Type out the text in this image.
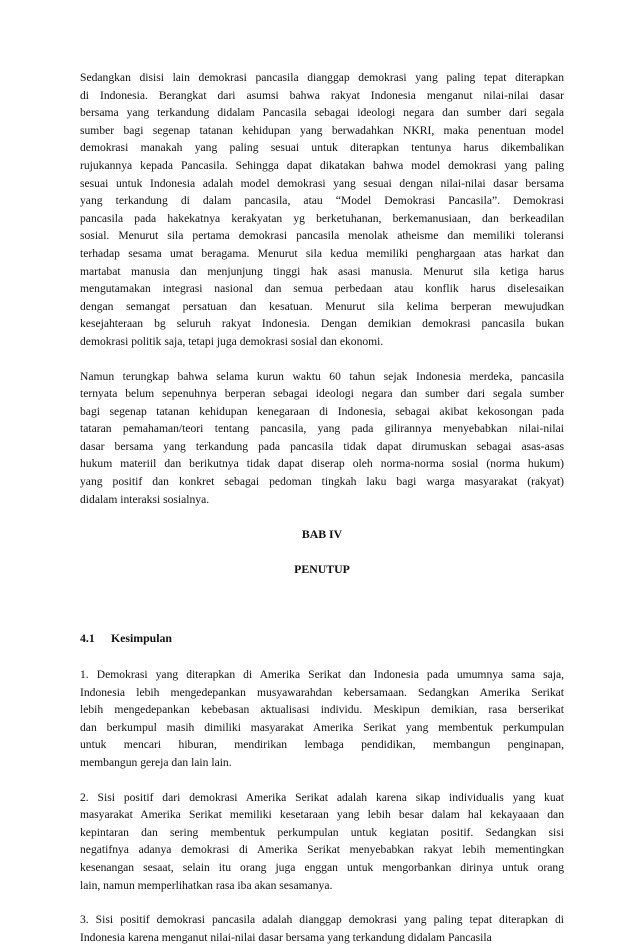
Sedangkan disisi lain demokrasi pancasila dianggap demokrasi yang paling tepat diterapkan
di Indonesia. Berangkat dari asumsi bahwa rakyat Indonesia menganut nilai-nilai dasar
bersama yang terkandung didalam Pancasila sebagai ideologi negara dan sumber dari segala
sumber bagi segenap tatanan kehidupan yang berwadahkan NKRI, maka penentuan model
demokrasi manakah yang paling sesuai untuk diterapkan tentunya harus dikembalikan
rujukannya kepada Pancasila. Sehingga dapat dikatakan bahwa model demokrasi yang paling
sesuai untuk Indonesia adalah model demokrasi yang sesuai dengan nilai-nilai dasar bersama
yang terkandung di dalam pancasila, atau “Model Demokrasi Pancasila”. Demokrasi
pancasila pada hakekatnya kerakyatan yg berketuhanan, berkemanusiaan, dan berkeadilan
sosial. Menurut sila pertama demokrasi pancasila menolak atheisme dan memiliki toleransi
terhadap sesama umat beragama. Menurut sila kedua memiliki penghargaan atas harkat dan
martabat manusia dan menjunjung tinggi hak asasi manusia. Menurut sila ketiga harus
mengutamakan integrasi nasional dan semua perbedaan atau konflik harus diselesaikan
dengan semangat persatuan dan kesatuan. Menurut sila kelima berperan mewujudkan
kesejahteraan bg seluruh rakyat Indonesia. Dengan demikian demokrasi pancasila bukan
demokrasi politik saja, tetapi juga demokrasi sosial dan ekonomi.
Namun terungkap bahwa selama kurun waktu 60 tahun sejak Indonesia merdeka, pancasila
ternyata belum sepenuhnya berperan sebagai ideologi negara dan sumber dari segala sumber
bagi segenap tatanan kehidupan kenegaraan di Indonesia, sebagai akibat kekosongan pada
tataran pemahaman/teori tentang pancasila, yang pada gilirannya menyebabkan nilai-nilai
dasar bersama yang terkandung pada pancasila tidak dapat dirumuskan sebagai asas-asas
hukum materiil dan berikutnya tidak dapat diserap oleh norma-norma sosial (norma hukum)
yang positif dan konkret sebagai pedoman tingkah laku bagi warga masyarakat (rakyat)
didalam interaksi sosialnya.

BAB IV

PENUTUP

4.1 Kesimpulan

1. Demokrasi yang diterapkan di Amerika Serikat dan Indonesia pada umumnya sama saja,
Indonesia lebih mengedepankan musyawarahdan kebersamaan. Sedangkan Amerika Serikat
lebih mengedepankan kebebasan aktualisasi individu. Meskipun demikian, rasa berserikat
dan berkumpul masih dimiliki masyarakat Amerika Serikat yang membentuk perkumpulan
untuk mencari hiburan, mendirikan lembaga pendidikan, membangun penginapan,
membangun gereja dan lain lain.
2. Sisi positif dari demokrasi Amerika Serikat adalah karena sikap individualis yang kuat
masyarakat Amerika Serikat memiliki kesetaraan yang lebih besar dalam hal kekayaaan dan
kepintaran dan sering membentuk perkumpulan untuk kegiatan positif. Sedangkan sisi
negatifnya adanya demokrasi di Amerika Serikat menyebabkan rakyat lebih mementingkan
kesenangan sesaat, selain itu orang juga enggan untuk mengorbankan dirinya untuk orang
lain, namun memperlihatkan rasa iba akan sesamanya.
3. Sisi positif demokrasi pancasila adalah dianggap demokrasi yang paling tepat diterapkan di
Indonesia karena menganut nilai-nilai dasar bersama yang terkandung didalam Pancasila
